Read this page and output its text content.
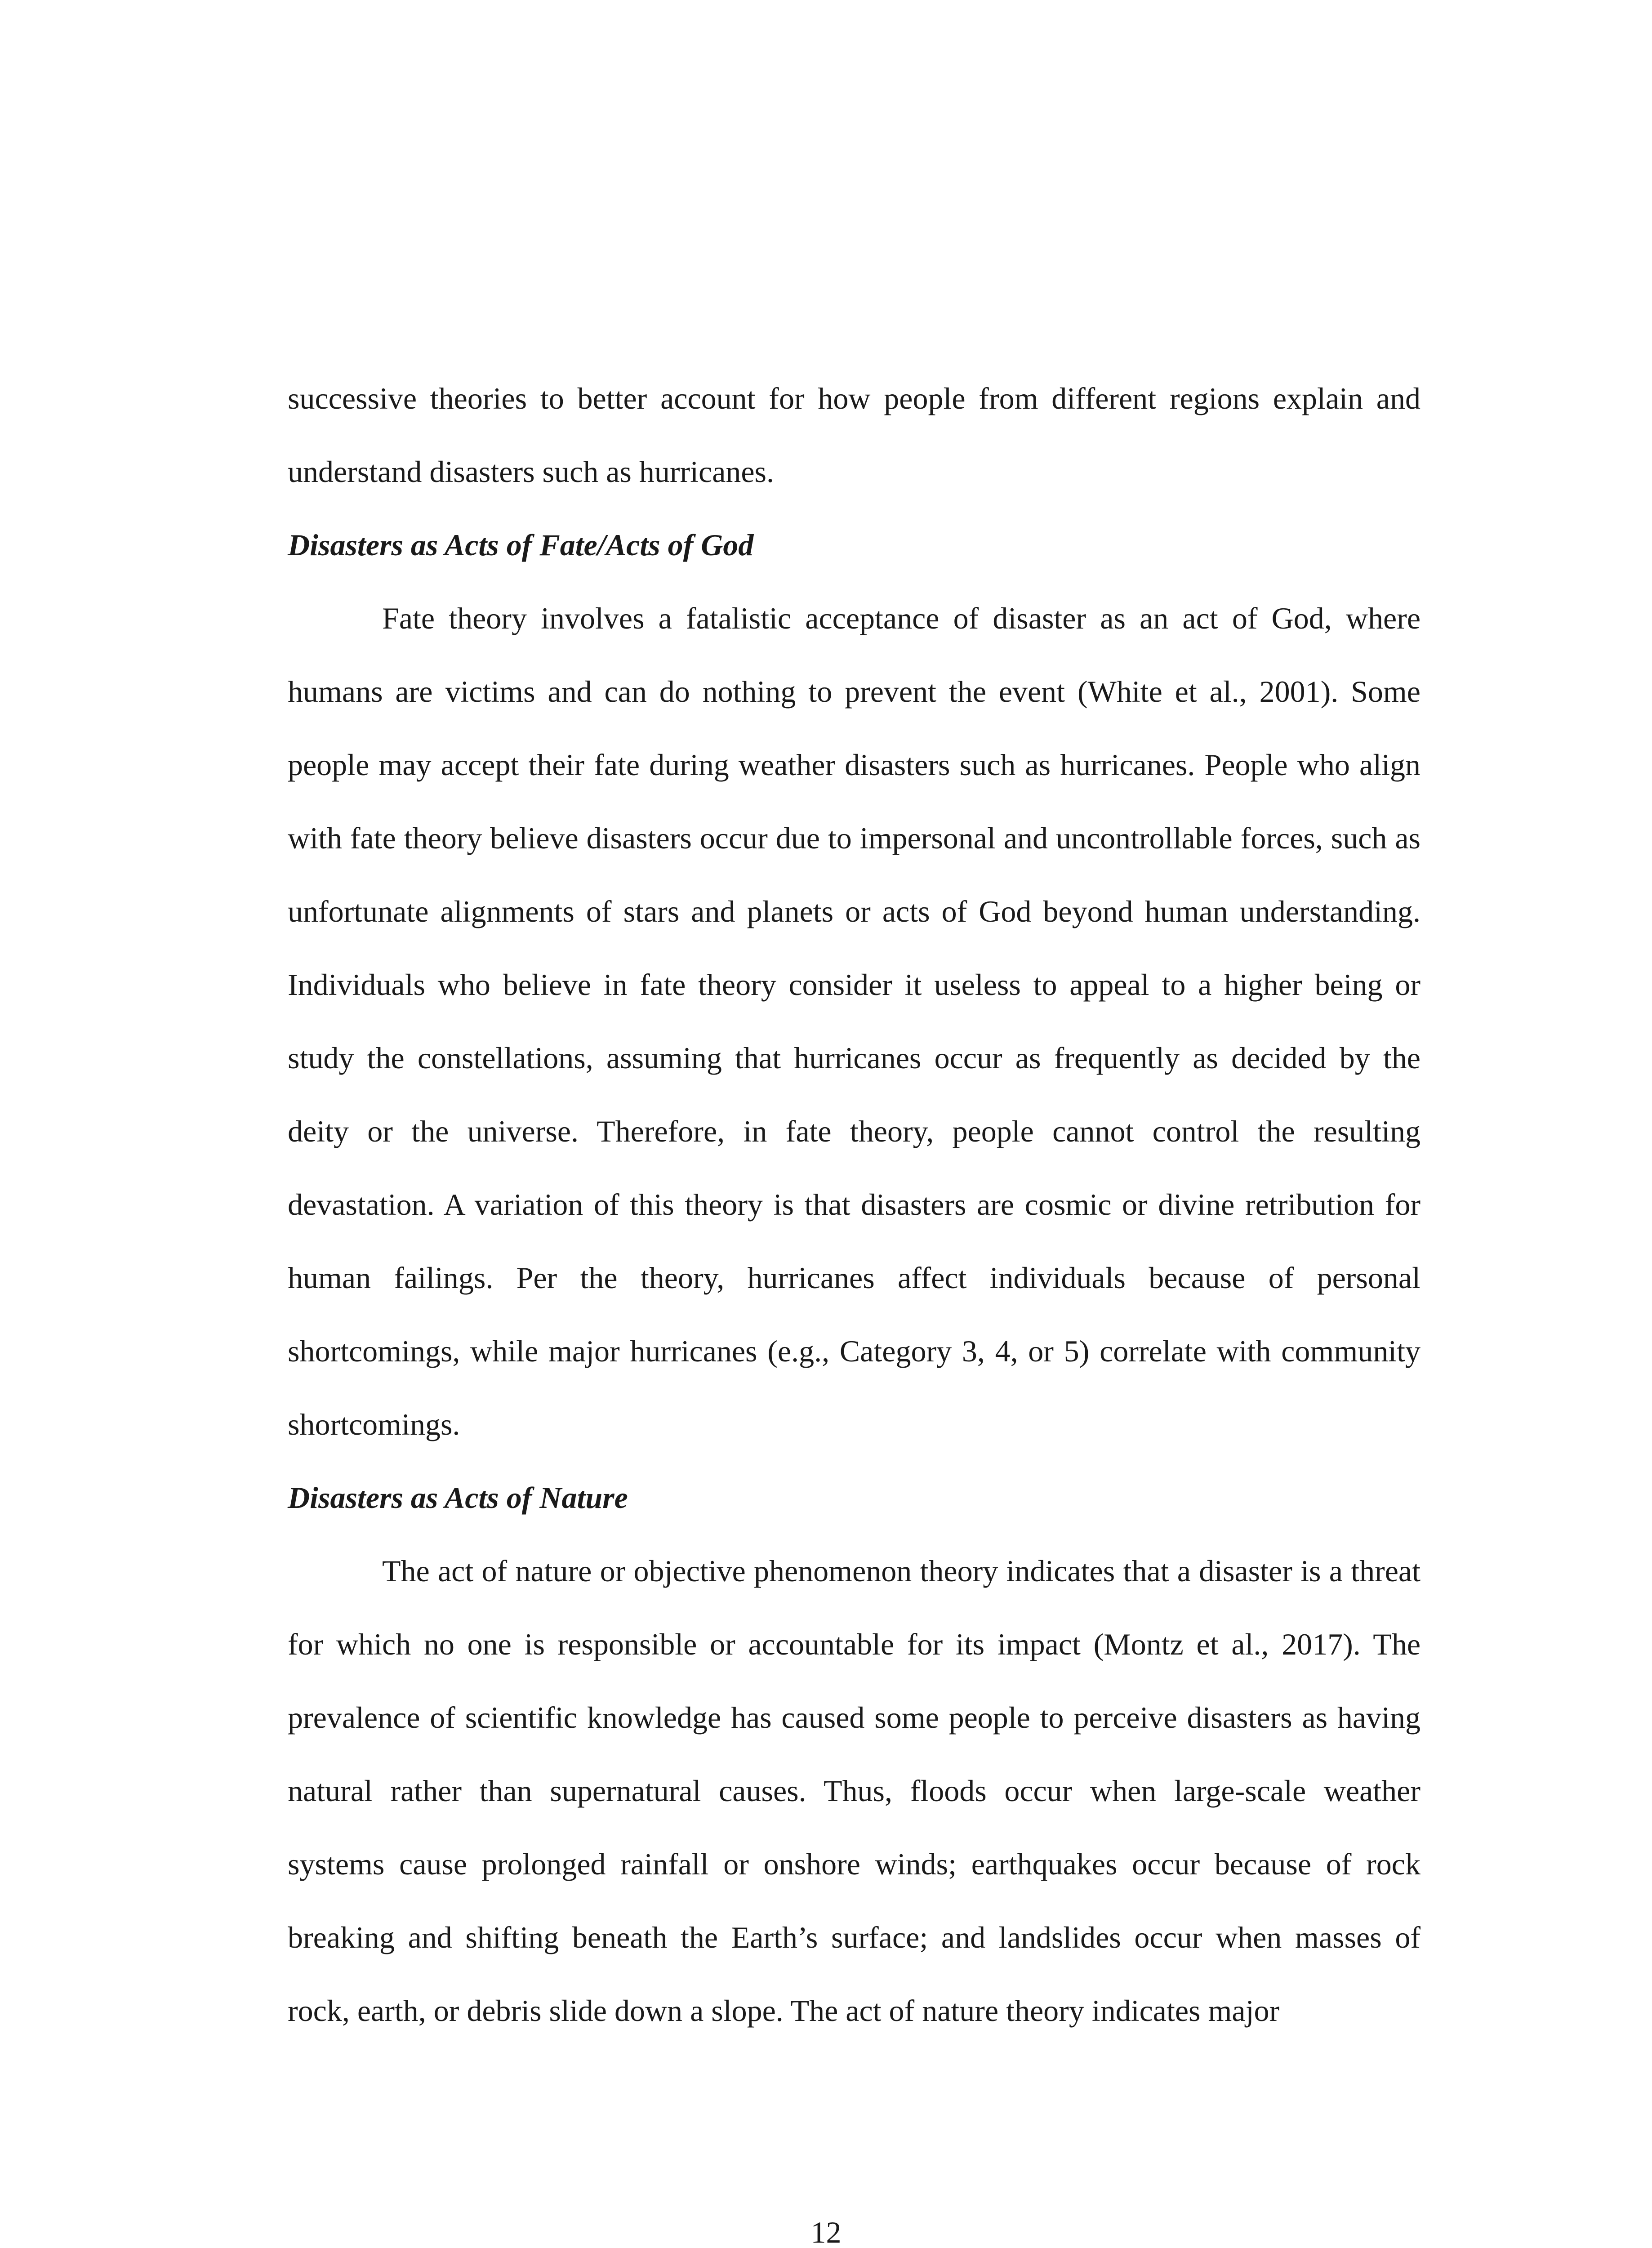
successive theories to better account for how people from different regions explain and understand disasters such as hurricanes.

Disasters as Acts of Fate/Acts of God

Fate theory involves a fatalistic acceptance of disaster as an act of God, where humans are victims and can do nothing to prevent the event (White et al., 2001). Some people may accept their fate during weather disasters such as hurricanes. People who align with fate theory believe disasters occur due to impersonal and uncontrollable forces, such as unfortunate alignments of stars and planets or acts of God beyond human understanding. Individuals who believe in fate theory consider it useless to appeal to a higher being or study the constellations, assuming that hurricanes occur as frequently as decided by the deity or the universe. Therefore, in fate theory, people cannot control the resulting devastation. A variation of this theory is that disasters are cosmic or divine retribution for human failings. Per the theory, hurricanes affect individuals because of personal shortcomings, while major hurricanes (e.g., Category 3, 4, or 5) correlate with community shortcomings.

Disasters as Acts of Nature

The act of nature or objective phenomenon theory indicates that a disaster is a threat for which no one is responsible or accountable for its impact (Montz et al., 2017). The prevalence of scientific knowledge has caused some people to perceive disasters as having natural rather than supernatural causes. Thus, floods occur when large-scale weather systems cause prolonged rainfall or onshore winds; earthquakes occur because of rock breaking and shifting beneath the Earth’s surface; and landslides occur when masses of rock, earth, or debris slide down a slope. The act of nature theory indicates major

12
